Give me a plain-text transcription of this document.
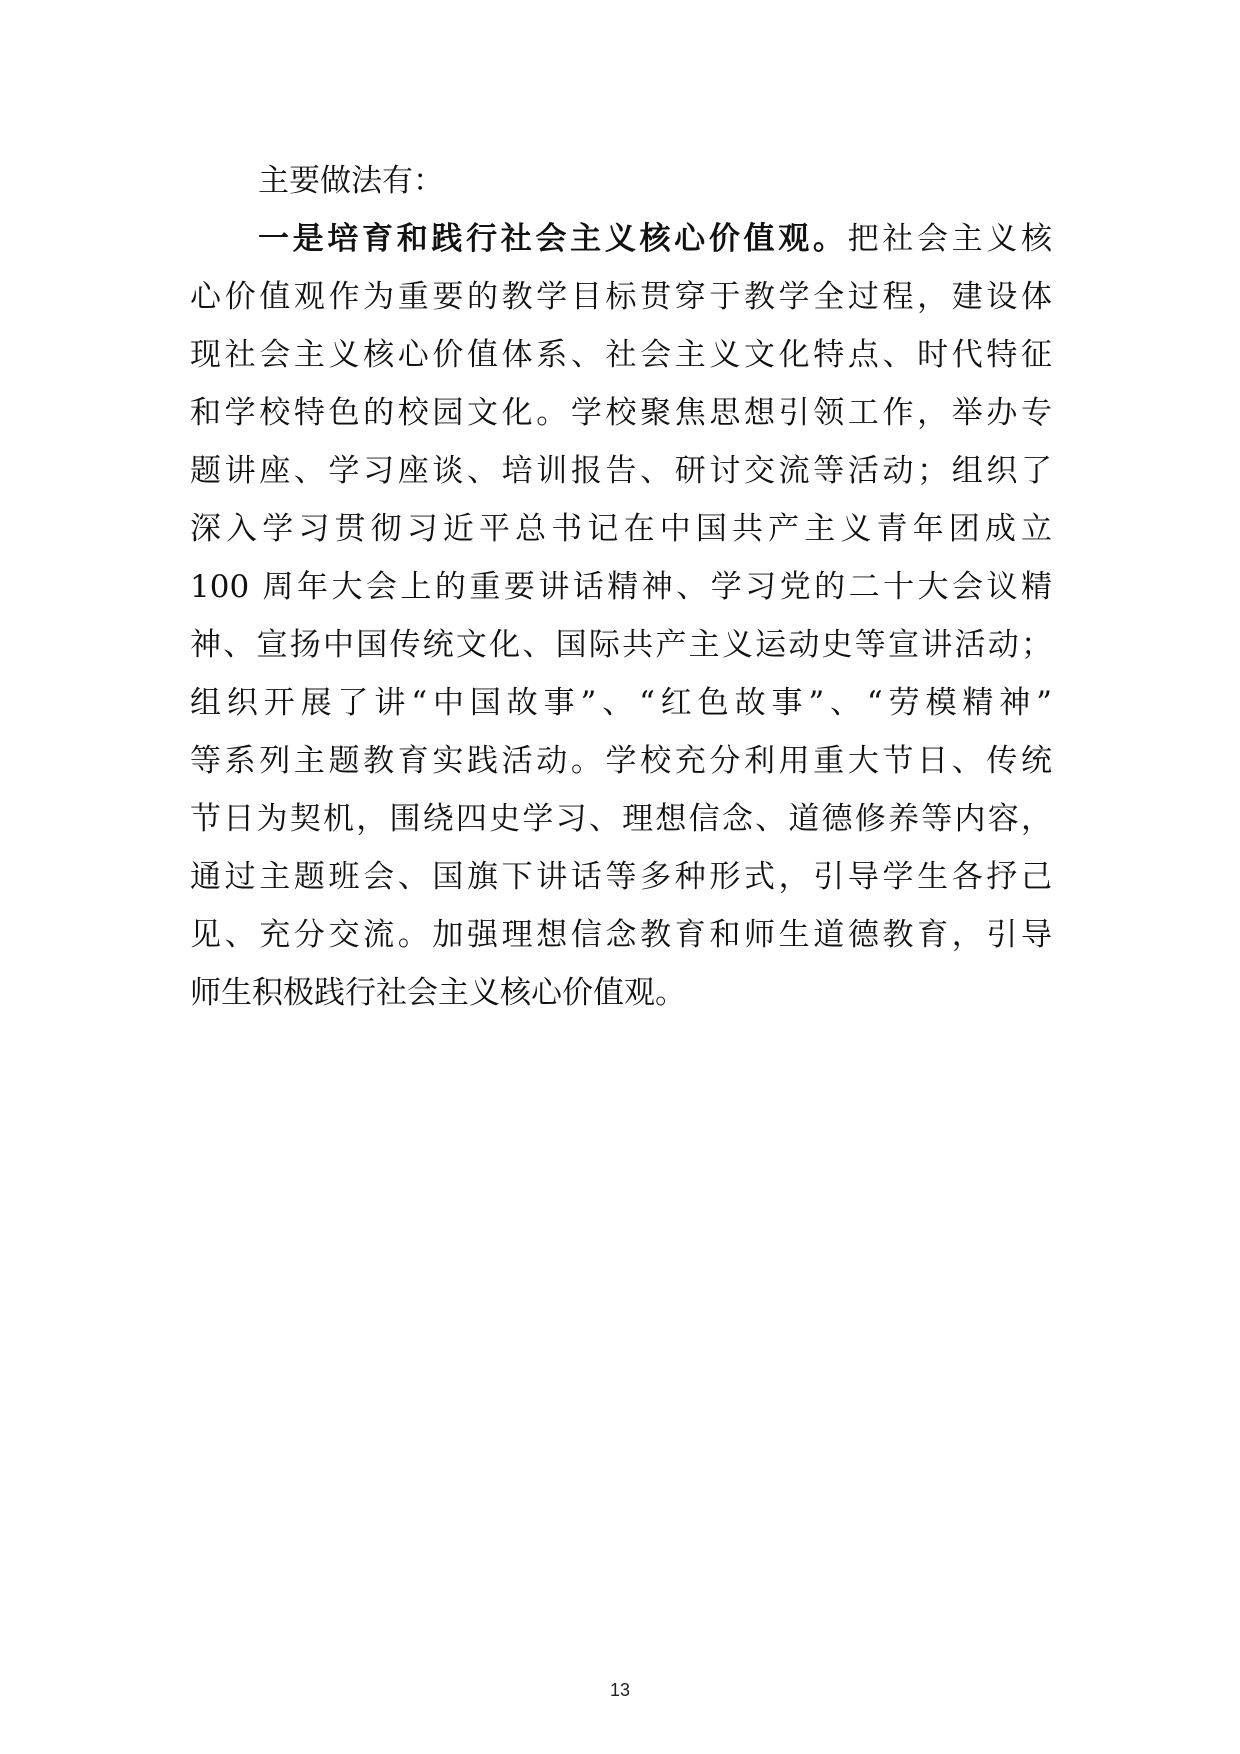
主要做法有：
一是培育和践行社会主义核心价值观。把社会主义核
心价值观作为重要的教学目标贯穿于教学全过程，建设体
现社会主义核心价值体系、社会主义文化特点、时代特征
和学校特色的校园文化。学校聚焦思想引领工作，举办专
题讲座、学习座谈、培训报告、研讨交流等活动；组织了
深入学习贯彻习近平总书记在中国共产主义青年团成立
100 周年大会上的重要讲话精神、学习党的二十大会议精
神、宣扬中国传统文化、国际共产主义运动史等宣讲活动；
组织开展了讲“中国故事”、“红色故事”、“劳模精神”
等系列主题教育实践活动。学校充分利用重大节日、传统
节日为契机，围绕四史学习、理想信念、道德修养等内容，
通过主题班会、国旗下讲话等多种形式，引导学生各抒己
见、充分交流。加强理想信念教育和师生道德教育，引导
师生积极践行社会主义核心价值观。
13
